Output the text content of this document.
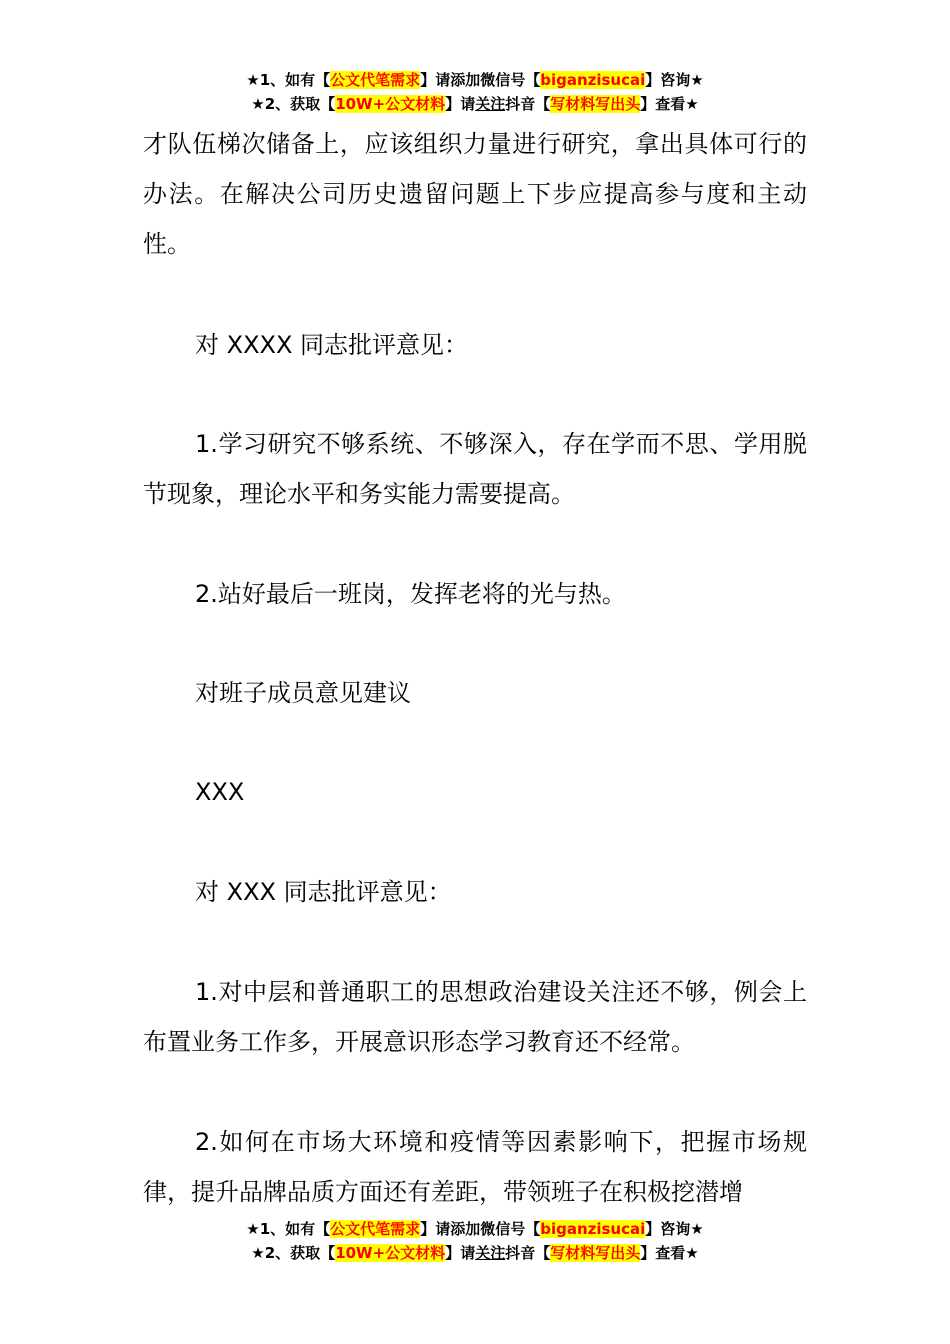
★1、如有【公文代笔需求】请添加微信号【biganzisucai】咨询★
★2、获取【10W+公文材料】请关注抖音【写材料写出头】查看★
才队伍梯次储备上，应该组织力量进行研究，拿出具体可行的办法。在解决公司历史遗留问题上下步应提高参与度和主动性。
对 XXXX 同志批评意见：
1.学习研究不够系统、不够深入，存在学而不思、学用脱节现象，理论水平和务实能力需要提高。
2.站好最后一班岗，发挥老将的光与热。
对班子成员意见建议
XXX
对 XXX 同志批评意见：
1.对中层和普通职工的思想政治建设关注还不够，例会上布置业务工作多，开展意识形态学习教育还不经常。
2.如何在市场大环境和疫情等因素影响下，把握市场规律，提升品牌品质方面还有差距，带领班子在积极挖潜增
★1、如有【公文代笔需求】请添加微信号【biganzisucai】咨询★
★2、获取【10W+公文材料】请关注抖音【写材料写出头】查看★
